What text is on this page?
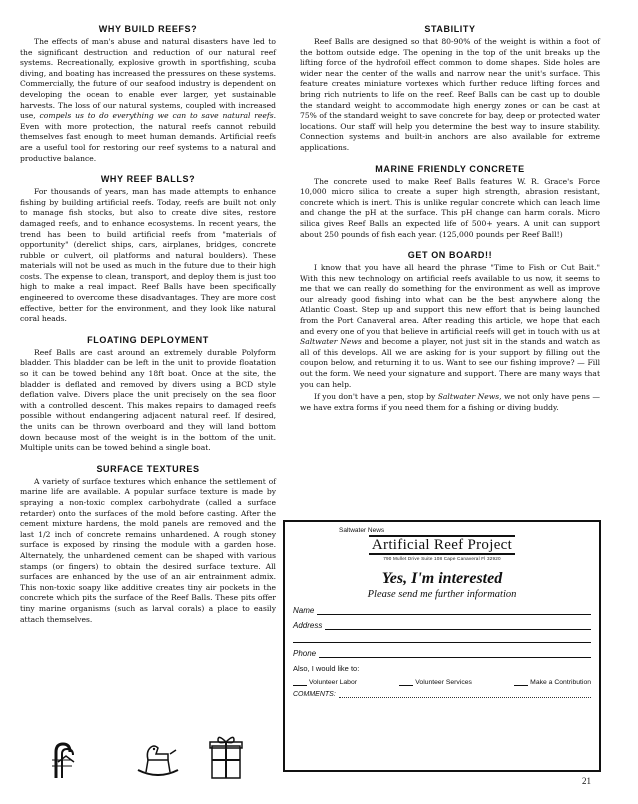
WHY BUILD REEFS?

The effects of man's abuse and natural disasters have led to the significant destruction and reduction of our natural reef systems. Recreationally, explosive growth in sportfishing, scuba diving, and boating has increased the pressures on these systems. Commercially, the future of our seafood industry is dependent on developing the ocean to enable ever larger, yet sustainable harvests. The loss of our natural systems, coupled with increased use, compels us to do everything we can to save natural reefs. Even with more protection, the natural reefs cannot rebuild themselves fast enough to meet human demands. Artificial reefs are a useful tool for restoring our reef systems to a natural and productive balance.

WHY REEF BALLS?

For thousands of years, man has made attempts to enhance fishing by building artificial reefs. Today, reefs are built not only to manage fish stocks, but also to create dive sites, restore damaged reefs, and to enhance ecosystems. In recent years, the trend has been to build artificial reefs from "materials of opportunity" (derelict ships, cars, airplanes, bridges, concrete rubble or culvert, oil platforms and natural boulders). These materials will not be used as much in the future due to their high costs. The expense to clean, transport, and deploy them is just too high to make a real impact. Reef Balls have been specifically engineered to overcome these disadvantages. They are more cost effective, better for the environment, and they look like natural coral heads.

FLOATING DEPLOYMENT

Reef Balls are cast around an extremely durable Polyform bladder. This bladder can be left in the unit to provide floatation so it can be towed behind any 18ft boat. Once at the site, the bladder is deflated and removed by divers using a BCD style deflation valve. Divers place the unit precisely on the sea floor with a controlled descent. This makes repairs to damaged reefs possible without endangering adjacent natural reef. If desired, the units can be thrown overboard and they will land bottom down because most of the weight is in the bottom of the unit. Multiple units can be towed behind a single boat.

SURFACE TEXTURES

A variety of surface textures which enhance the settlement of marine life are available. A popular surface texture is made by spraying a non-toxic complex carbohydrate (called a surface retarder) onto the surfaces of the mold before casting. After the cement mixture hardens, the mold panels are removed and the last 1/2 inch of concrete remains unhardened. A rough stoney surface is exposed by rinsing the module with a garden hose. Alternately, the unhardened cement can be shaped with various stamps (or fingers) to obtain the desired surface texture. All surfaces are enhanced by the use of an air entrainment admix. This non-toxic soapy like additive creates tiny air pockets in the concrete which pits the surface of the Reef Balls. These pits offer tiny marine organisms (such as larval corals) a place to easily attach themselves.

STABILITY

Reef Balls are designed so that 80-90% of the weight is within a foot of the bottom outside edge. The opening in the top of the unit breaks up the lifting force of the hydrofoil effect common to dome shapes. Side holes are wider near the center of the walls and narrow near the unit's surface. This feature creates miniature vortexes which further reduce lifting forces and bring rich nutrients to life on the reef. Reef Balls can be cast up to double the standard weight to accommodate high energy zones or can be cast at 75% of the standard weight to save concrete for bay, deep or protected water locations. Our staff will help you determine the best way to insure stability. Connection systems and built-in anchors are also available for extreme applications.

MARINE FRIENDLY CONCRETE

The concrete used to make Reef Balls features W. R. Grace's Force 10,000 micro silica to create a super high strength, abrasion resistant, concrete which is inert. This is unlike regular concrete which can leach lime and change the pH at the surface. This pH change can harm corals. Micro silica gives Reef Balls an expected life of 500+ years. A unit can support about 250 pounds of fish each year. (125,000 pounds per Reef Ball!)

GET ON BOARD!!

I know that you have all heard the phrase "Time to Fish or Cut Bait." With this new technology on artificial reefs available to us now, it seems to me that we can really do something for the environment as well as improve our already good fishing into what can be the best anywhere along the Atlantic Coast. Step up and support this new effort that is being launched from the Port Canaveral area. After reading this article, we hope that each and every one of you that believe in artificial reefs will get in touch with us at Saltwater News and become a player, not just sit in the stands and watch as all of this develops. All we are asking for is your support by filling out the coupon below, and returning it to us. Want to see our fishing improve? — Fill out the form. We need your signature and support. There are many ways that you can help.

If you don't have a pen, stop by Saltwater News, we not only have pens — we have extra forms if you need them for a fishing or diving buddy.

Saltwater News
Artificial Reef Project
790 Mullet Drive Suite 108 Cape Canaveral Fl 32920
Yes, I'm interested
Please send me further information
Name
Address
Phone
Also, I would like to:
Volunteer Labor	Volunteer Services	Make a Contribution
COMMENTS:
21
